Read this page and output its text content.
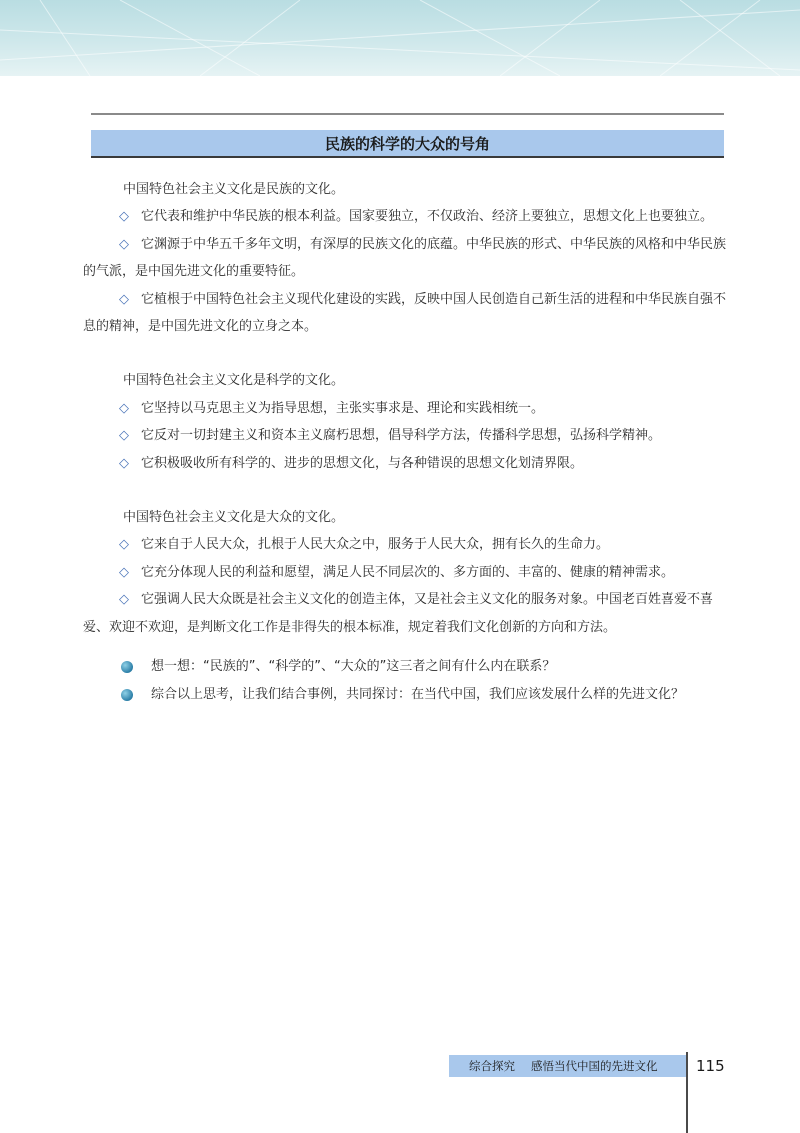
民族的科学的大众的号角

中国特色社会主义文化是民族的文化。

◇ 它代表和维护中华民族的根本利益。国家要独立，不仅政治、经济上要独立，思想文化上也要独立。

◇ 它渊源于中华五千多年文明，有深厚的民族文化的底蕴。中华民族的形式、中华民族的风格和中华民族的气派，是中国先进文化的重要特征。

◇ 它植根于中国特色社会主义现代化建设的实践，反映中国人民创造自己新生活的进程和中华民族自强不息的精神，是中国先进文化的立身之本。

中国特色社会主义文化是科学的文化。

◇ 它坚持以马克思主义为指导思想，主张实事求是、理论和实践相统一。

◇ 它反对一切封建主义和资本主义腐朽思想，倡导科学方法，传播科学思想，弘扬科学精神。

◇ 它积极吸收所有科学的、进步的思想文化，与各种错误的思想文化划清界限。

中国特色社会主义文化是大众的文化。

◇ 它来自于人民大众，扎根于人民大众之中，服务于人民大众，拥有长久的生命力。

◇ 它充分体现人民的利益和愿望，满足人民不同层次的、多方面的、丰富的、健康的精神需求。

◇ 它强调人民大众既是社会主义文化的创造主体，又是社会主义文化的服务对象。中国老百姓喜爱不喜爱、欢迎不欢迎，是判断文化工作是非得失的根本标准，规定着我们文化创新的方向和方法。

想一想：“民族的”、“科学的”、“大众的”这三者之间有什么内在联系？

综合以上思考，让我们结合事例，共同探讨：在当代中国，我们应该发展什么样的先进文化？

综合探究 感悟当代中国的先进文化	115
